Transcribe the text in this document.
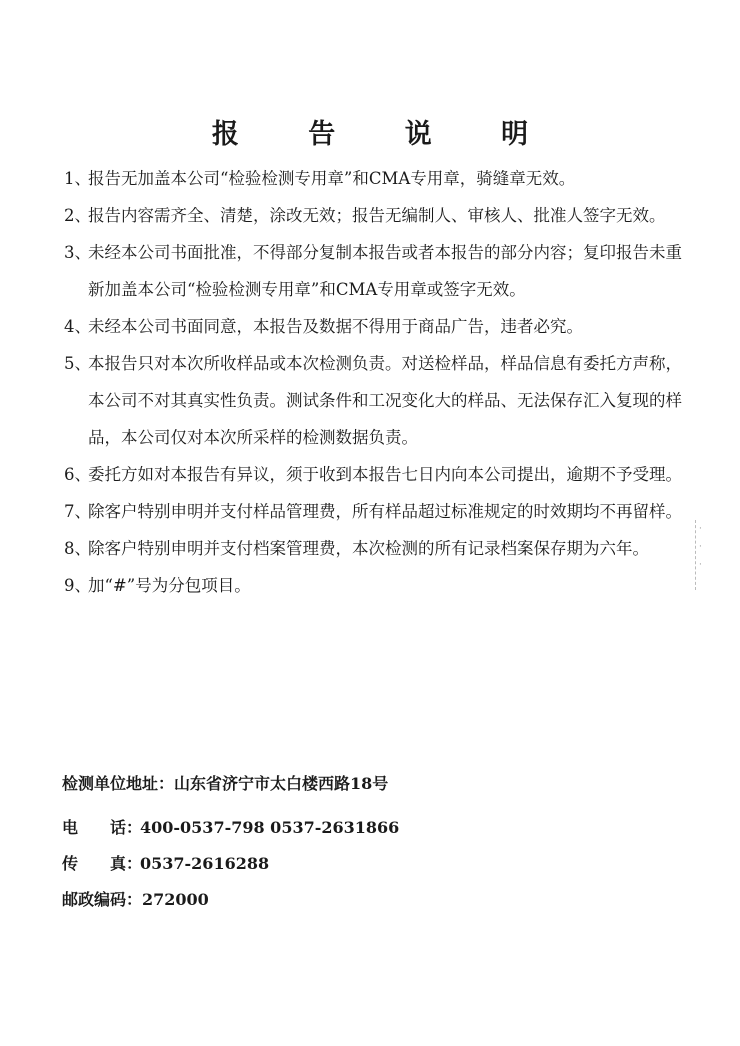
报 告 说 明
1、
报告无加盖本公司“检验检测专用章”和CMA专用章，骑缝章无效。
2、
报告内容需齐全、清楚，涂改无效；报告无编制人、审核人、批准人签字无效。
3、
未经本公司书面批准，不得部分复制本报告或者本报告的部分内容；复印报告未重新加盖本公司“检验检测专用章”和CMA专用章或签字无效。
4、
未经本公司书面同意，本报告及数据不得用于商品广告，违者必究。
5、
本报告只对本次所收样品或本次检测负责。对送检样品，样品信息有委托方声称，本公司不对其真实性负责。测试条件和工况变化大的样品、无法保存汇入复现的样品，本公司仅对本次所采样的检测数据负责。
6、
委托方如对本报告有异议，须于收到本报告七日内向本公司提出，逾期不予受理。
7、
除客户特别申明并支付样品管理费，所有样品超过标准规定的时效期均不再留样。
8、
除客户特别申明并支付档案管理费，本次检测的所有记录档案保存期为六年。
9、
加“#”号为分包项目。
检测单位地址：山东省济宁市太白楼西路18号
电 话：400-0537-798 0537-2631866
传 真：0537-2616288
邮政编码：272000
·
·
·
